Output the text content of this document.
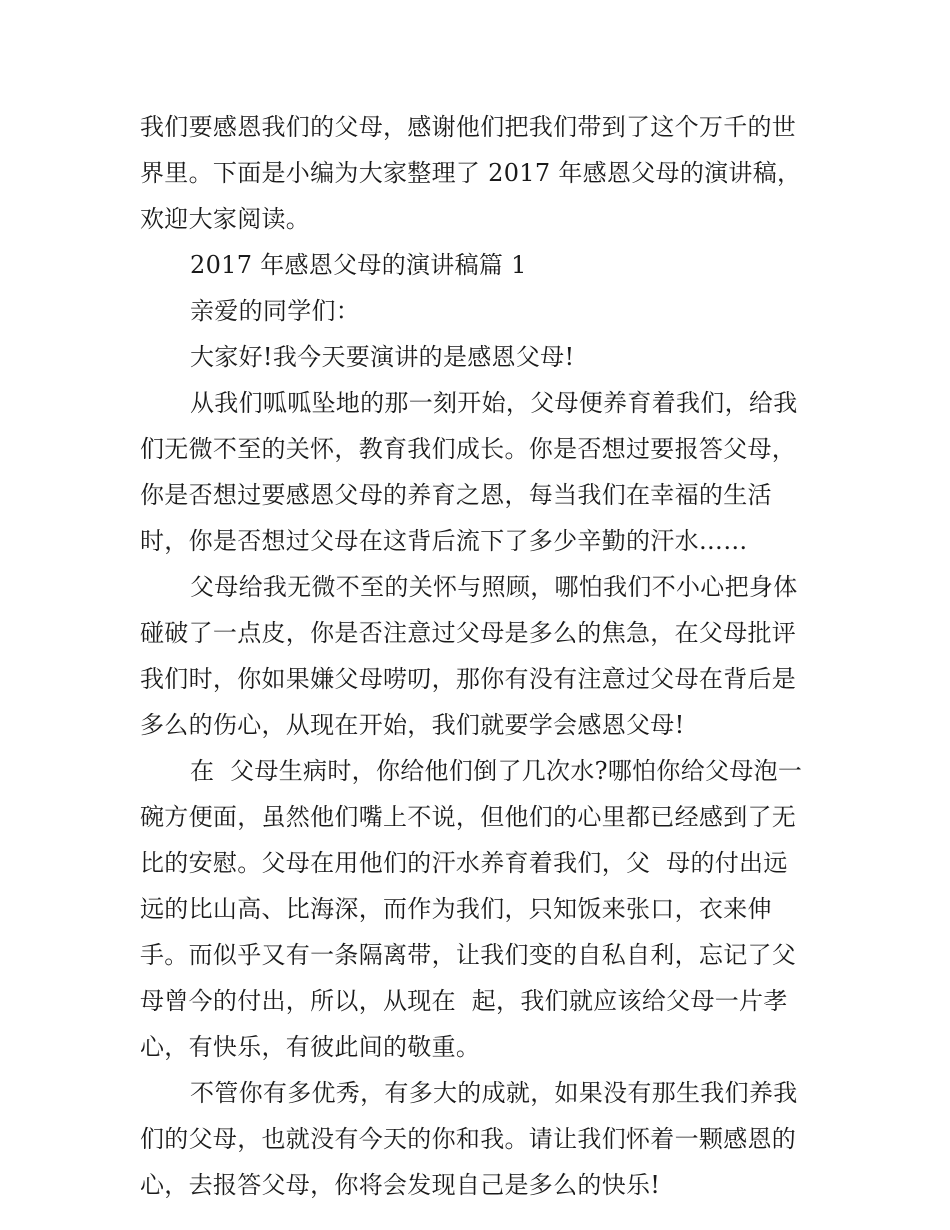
我们要感恩我们的父母，感谢他们把我们带到了这个万千的世
界里。下面是小编为大家整理了 2017 年感恩父母的演讲稿，
欢迎大家阅读。
2017 年感恩父母的演讲稿篇 1
亲爱的同学们：
大家好!我今天要演讲的是感恩父母!
从我们呱呱坠地的那一刻开始，父母便养育着我们，给我
们无微不至的关怀，教育我们成长。你是否想过要报答父母，
你是否想过要感恩父母的养育之恩，每当我们在幸福的生活
时，你是否想过父母在这背后流下了多少辛勤的汗水……
父母给我无微不至的关怀与照顾，哪怕我们不小心把身体
碰破了一点皮，你是否注意过父母是多么的焦急，在父母批评
我们时，你如果嫌父母唠叨，那你有没有注意过父母在背后是
多么的伤心，从现在开始，我们就要学会感恩父母!
在  父母生病时，你给他们倒了几次水?哪怕你给父母泡一
碗方便面，虽然他们嘴上不说，但他们的心里都已经感到了无
比的安慰。父母在用他们的汗水养育着我们，父  母的付出远
远的比山高、比海深，而作为我们，只知饭来张口，衣来伸
手。而似乎又有一条隔离带，让我们变的自私自利，忘记了父
母曾今的付出，所以，从现在  起，我们就应该给父母一片孝
心，有快乐，有彼此间的敬重。
不管你有多优秀，有多大的成就，如果没有那生我们养我
们的父母，也就没有今天的你和我。请让我们怀着一颗感恩的
心，去报答父母，你将会发现自己是多么的快乐!
